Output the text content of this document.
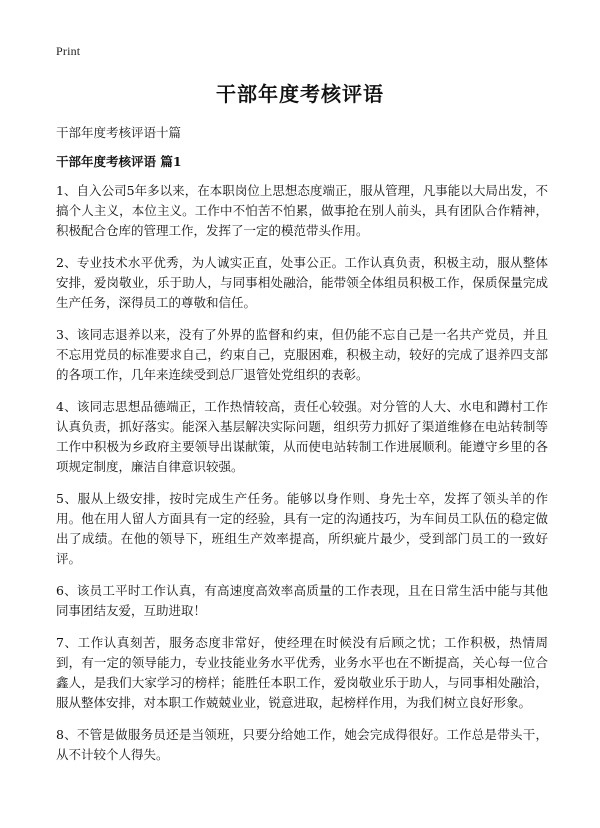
Print
干部年度考核评语
干部年度考核评语十篇
干部年度考核评语 篇1

1、自入公司5年多以来，在本职岗位上思想态度端正，服从管理，凡事能以大局出发，不搞个人主义，本位主义。工作中不怕苦不怕累，做事抢在别人前头，具有团队合作精神，积极配合仓库的管理工作，发挥了一定的模范带头作用。

2、专业技术水平优秀，为人诚实正直，处事公正。工作认真负责，积极主动，服从整体安排，爱岗敬业，乐于助人，与同事相处融洽，能带领全体组员积极工作，保质保量完成生产任务，深得员工的尊敬和信任。

3、该同志退养以来，没有了外界的监督和约束，但仍能不忘自己是一名共产党员，并且不忘用党员的标准要求自己，约束自己，克服困难，积极主动，较好的完成了退养四支部的各项工作，几年来连续受到总厂退管处党组织的表彰。

4、该同志思想品德端正，工作热情较高，责任心较强。对分管的人大、水电和蹲村工作认真负责，抓好落实。能深入基层解决实际问题，组织劳力抓好了渠道维修在电站转制等工作中积极为乡政府主要领导出谋献策，从而使电站转制工作进展顺利。能遵守乡里的各项规定制度，廉洁自律意识较强。

5、服从上级安排，按时完成生产任务。能够以身作则、身先士卒，发挥了领头羊的作用。他在用人留人方面具有一定的经验，具有一定的沟通技巧，为车间员工队伍的稳定做出了成绩。在他的领导下，班组生产效率提高，所织疵片最少，受到部门员工的一致好评。

6、该员工平时工作认真，有高速度高效率高质量的工作表现，且在日常生活中能与其他同事团结友爱，互助进取！

7、工作认真刻苦，服务态度非常好，使经理在时候没有后顾之忧；工作积极，热情周到，有一定的领导能力，专业技能业务水平优秀，业务水平也在不断提高，关心每一位合鑫人，是我们大家学习的榜样；能胜任本职工作，爱岗敬业乐于助人，与同事相处融洽，服从整体安排，对本职工作兢兢业业，锐意进取，起榜样作用，为我们树立良好形象。

8、不管是做服务员还是当领班，只要分给她工作，她会完成得很好。工作总是带头干，从不计较个人得失。
